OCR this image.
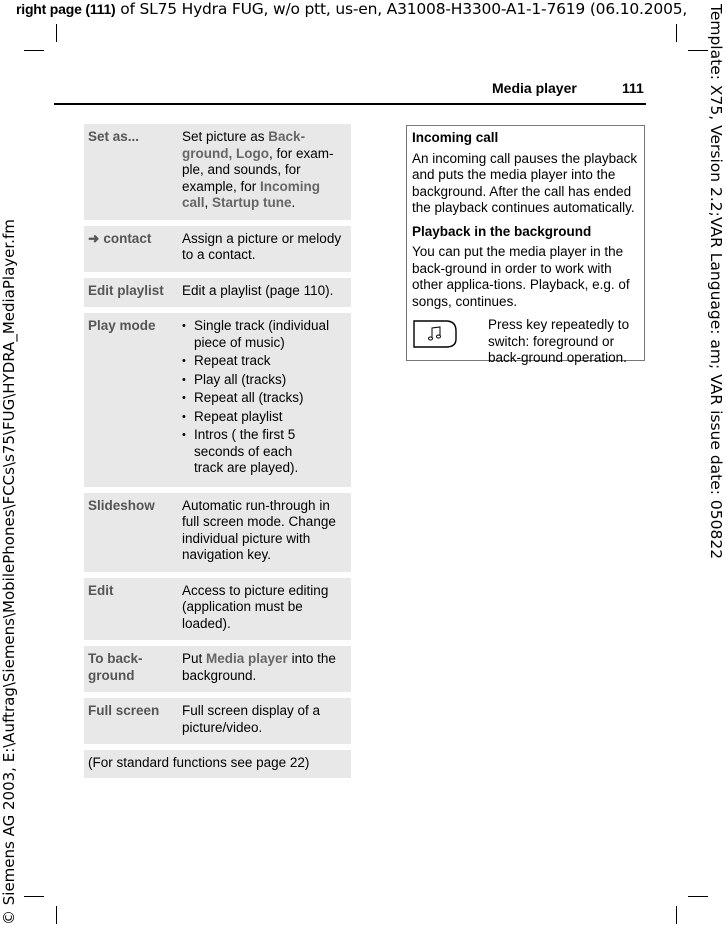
right page (111) of SL75 Hydra FUG, w/o ptt, us-en, A31008-H3300-A1-1-7619 (06.10.2005,
© Siemens AG 2003, E:\Auftrag\Siemens\MobilePhones\FCCs\s75\FUG\HYDRA_MediaPlayer.fm	Template: X75, Version 2.2;VAR Language: am; VAR issue date: 050822
Media player	111
Set as...	Set picture as Back-ground, Logo, for exam-ple, and sounds, for example, for Incoming call, Startup tune.
➜ contact	Assign a picture or melody to a contact.
Edit playlist	Edit a playlist (page 110).
Play mode
•	Single track (individual piece of music)
• Repeat track
• Play all (tracks)
• Repeat all (tracks)
• Repeat playlist
• Intros ( the first 5 seconds of each track are played).
Slideshow	Automatic run-through in full screen mode. Change individual picture with navigation key.
Edit	Access to picture editing (application must be loaded).
To back-ground
Put Media player into the background.
Full screen	Full screen display of a picture/video.
(For standard functions see page 22)
Incoming call

An incoming call pauses the playback and puts the media player into the background. After the call has ended the playback continues automatically.

Playback in the background

You can put the media player in the back-ground in order to work with other applica-tions. Playback, e.g. of songs, continues.

Press key repeatedly to switch: foreground or back-ground operation.
